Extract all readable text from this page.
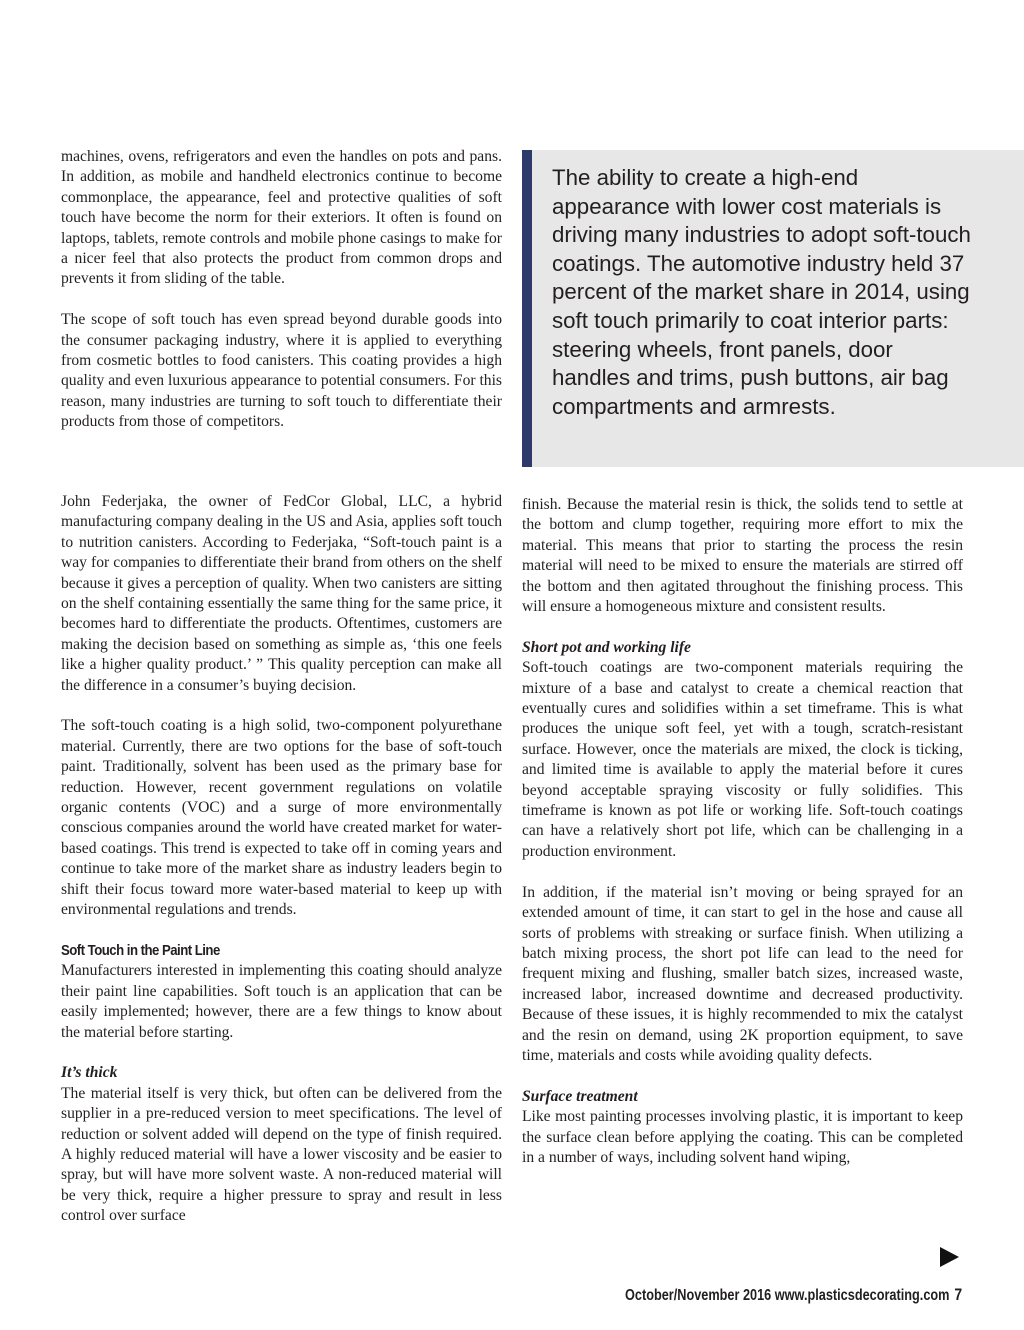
machines, ovens, refrigerators and even the handles on pots and pans. In addition, as mobile and handheld electronics continue to become commonplace, the appearance, feel and protective qualities of soft touch have become the norm for their exteriors. It often is found on laptops, tablets, remote controls and mobile phone casings to make for a nicer feel that also protects the product from common drops and prevents it from sliding of the table.

The scope of soft touch has even spread beyond durable goods into the consumer packaging industry, where it is applied to everything from cosmetic bottles to food canisters. This coating provides a high quality and even luxurious appearance to potential consumers. For this reason, many industries are turning to soft touch to differentiate their products from those of competitors.

The ability to create a high-end appearance with lower cost materials is driving many industries to adopt soft-touch coatings. The automotive industry held 37 percent of the market share in 2014, using soft touch primarily to coat interior parts: steering wheels, front panels, door handles and trims, push buttons, air bag compartments and armrests.

John Federjaka, the owner of FedCor Global, LLC, a hybrid manufacturing company dealing in the US and Asia, applies soft touch to nutrition canisters. According to Federjaka, “Soft-touch paint is a way for companies to differentiate their brand from others on the shelf because it gives a perception of quality. When two canisters are sitting on the shelf containing essentially the same thing for the same price, it becomes hard to differentiate the products. Oftentimes, customers are making the decision based on something as simple as, ‘this one feels like a higher quality product.’ ” This quality perception can make all the difference in a consumer’s buying decision.

The soft-touch coating is a high solid, two-component polyurethane material. Currently, there are two options for the base of soft-touch paint. Traditionally, solvent has been used as the primary base for reduction. However, recent government regulations on volatile organic contents (VOC) and a surge of more environmentally conscious companies around the world have created market for water-based coatings. This trend is expected to take off in coming years and continue to take more of the market share as industry leaders begin to shift their focus toward more water-based material to keep up with environmental regulations and trends.

Soft Touch in the Paint Line

Manufacturers interested in implementing this coating should analyze their paint line capabilities. Soft touch is an application that can be easily implemented; however, there are a few things to know about the material before starting.

It’s thick

The material itself is very thick, but often can be delivered from the supplier in a pre-reduced version to meet specifications. The level of reduction or solvent added will depend on the type of finish required. A highly reduced material will have a lower viscosity and be easier to spray, but will have more solvent waste. A non-reduced material will be very thick, require a higher pressure to spray and result in less control over surface

finish. Because the material resin is thick, the solids tend to settle at the bottom and clump together, requiring more effort to mix the material. This means that prior to starting the process the resin material will need to be mixed to ensure the materials are stirred off the bottom and then agitated throughout the finishing process. This will ensure a homogeneous mixture and consistent results.

Short pot and working life

Soft-touch coatings are two-component materials requiring the mixture of a base and catalyst to create a chemical reaction that eventually cures and solidifies within a set timeframe. This is what produces the unique soft feel, yet with a tough, scratch-resistant surface. However, once the materials are mixed, the clock is ticking, and limited time is available to apply the material before it cures beyond acceptable spraying viscosity or fully solidifies. This timeframe is known as pot life or working life. Soft-touch coatings can have a relatively short pot life, which can be challenging in a production environment.

In addition, if the material isn’t moving or being sprayed for an extended amount of time, it can start to gel in the hose and cause all sorts of problems with streaking or surface finish. When utilizing a batch mixing process, the short pot life can lead to the need for frequent mixing and flushing, smaller batch sizes, increased waste, increased labor, increased downtime and decreased productivity. Because of these issues, it is highly recommended to mix the catalyst and the resin on demand, using 2K proportion equipment, to save time, materials and costs while avoiding quality defects.

Surface treatment

Like most painting processes involving plastic, it is important to keep the surface clean before applying the coating. This can be completed in a number of ways, including solvent hand wiping,

October/November 2016 www.plasticsdecorating.com 7
